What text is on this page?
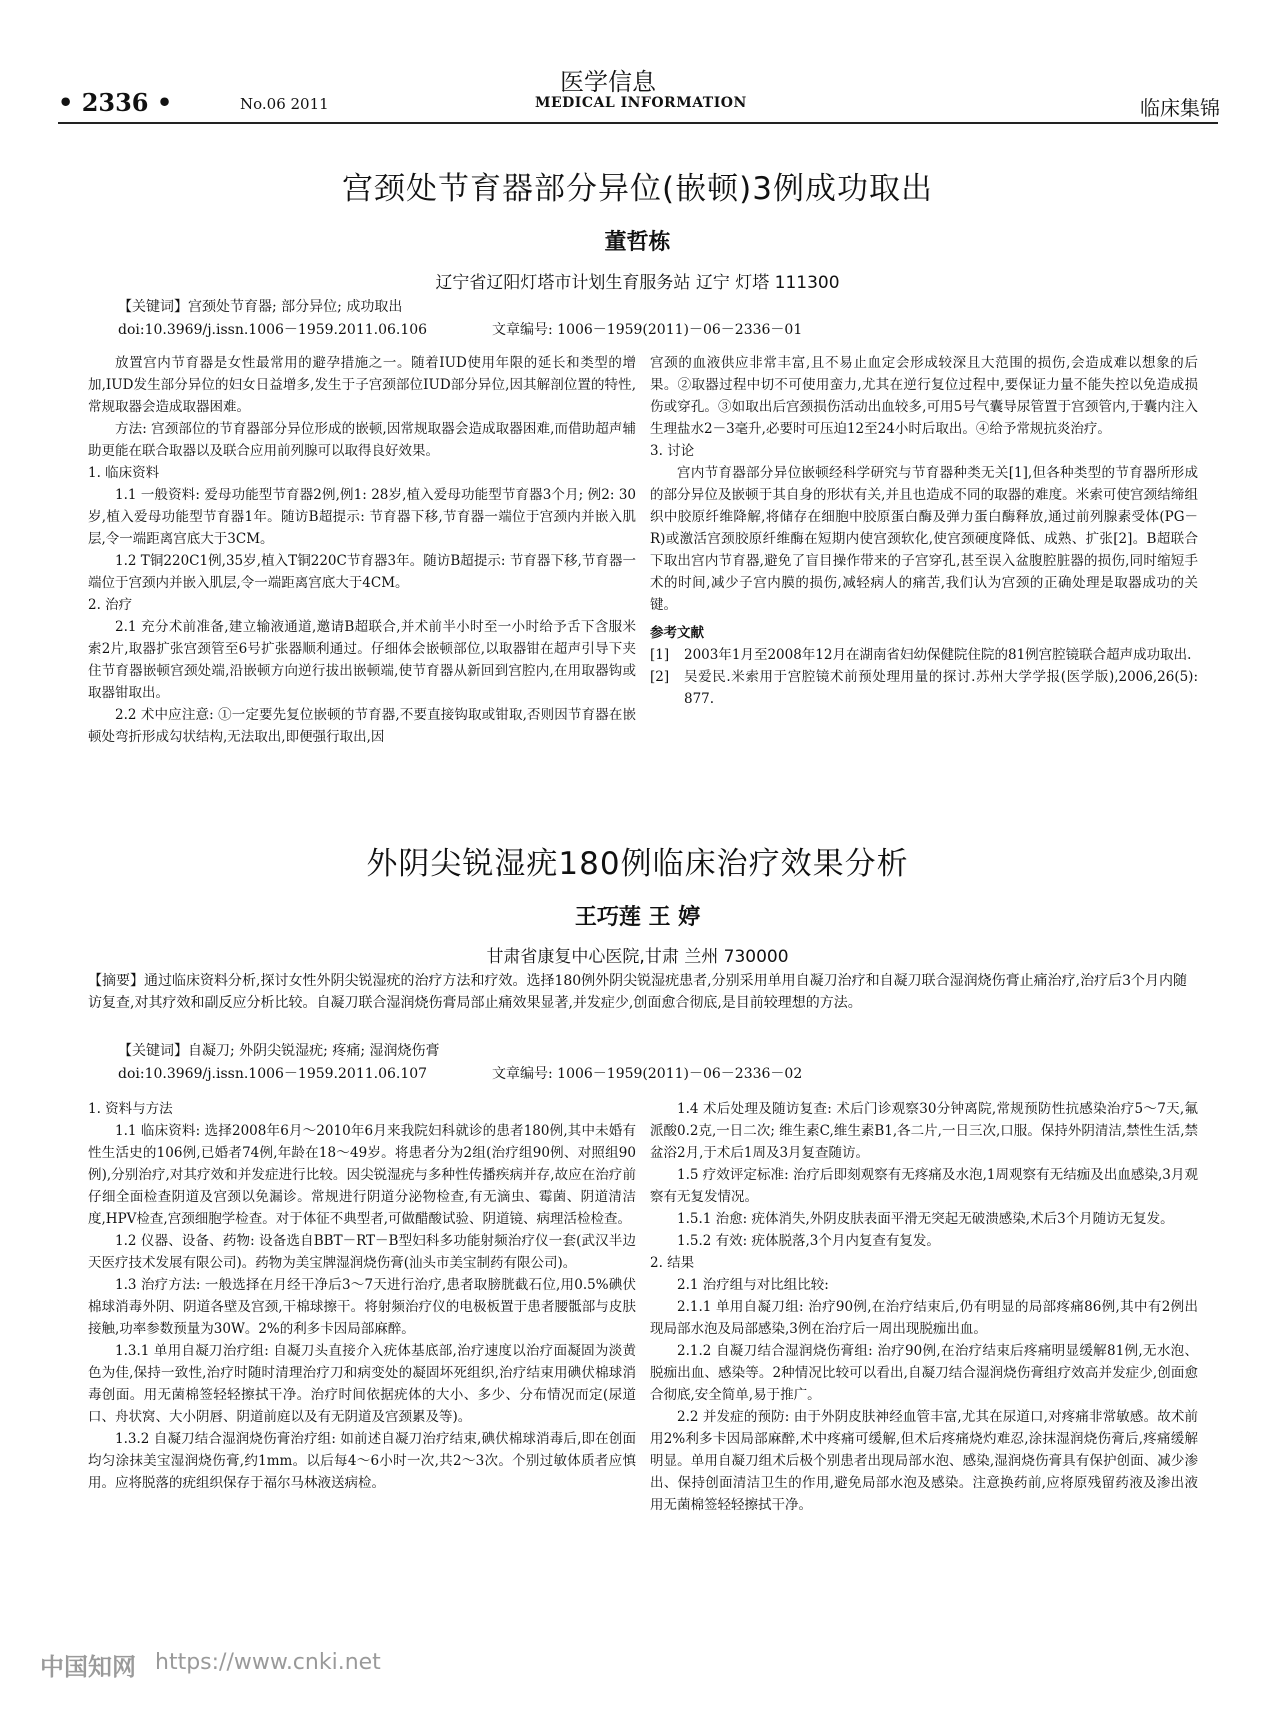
• 2336 •	No.06 2011
医学信息
MEDICAL INFORMATION	临床集锦
宫颈处节育器部分异位(嵌顿)3例成功取出
董哲栋
辽宁省辽阳灯塔市计划生育服务站 辽宁 灯塔 111300
【关键词】宫颈处节育器; 部分异位; 成功取出
doi:10.3969/j.issn.1006－1959.2011.06.106	文章编号: 1006－1959(2011)－06－2336－01

放置宫内节育器是女性最常用的避孕措施之一。随着IUD使用年限的延长和类型的增加,IUD发生部分异位的妇女日益增多,发生于子宫颈部位IUD部分异位,因其解剖位置的特性,常规取器会造成取器困难。

方法: 宫颈部位的节育器部分异位形成的嵌顿,因常规取器会造成取器困难,而借助超声辅助更能在联合取器以及联合应用前列腺可以取得良好效果。

1. 临床资料

1.1 一般资料: 爱母功能型节育器2例,例1: 28岁,植入爱母功能型节育器3个月; 例2: 30岁,植入爱母功能型节育器1年。随访B超提示: 节育器下移,节育器一端位于宫颈内并嵌入肌层,令一端距离宫底大于3CM。

1.2 T铜220C1例,35岁,植入T铜220C节育器3年。随访B超提示: 节育器下移,节育器一端位于宫颈内并嵌入肌层,令一端距离宫底大于4CM。

2. 治疗

2.1 充分术前准备,建立输液通道,邀请B超联合,并术前半小时至一小时给予舌下含服米索2片,取器扩张宫颈管至6号扩张器顺利通过。仔细体会嵌顿部位,以取器钳在超声引导下夹住节育器嵌顿宫颈处端,沿嵌顿方向逆行拔出嵌顿端,使节育器从新回到宫腔内,在用取器钩或取器钳取出。

2.2 术中应注意: ①一定要先复位嵌顿的节育器,不要直接钩取或钳取,否则因节育器在嵌顿处弯折形成勾状结构,无法取出,即便强行取出,因

宫颈的血液供应非常丰富,且不易止血定会形成较深且大范围的损伤,会造成难以想象的后果。②取器过程中切不可使用蛮力,尤其在逆行复位过程中,要保证力量不能失控以免造成损伤或穿孔。③如取出后宫颈损伤活动出血较多,可用5号气囊导尿管置于宫颈管内,于囊内注入生理盐水2－3毫升,必要时可压迫12至24小时后取出。④给予常规抗炎治疗。

3. 讨论

宫内节育器部分异位嵌顿经科学研究与节育器种类无关[1],但各种类型的节育器所形成的部分异位及嵌顿于其自身的形状有关,并且也造成不同的取器的难度。米索可使宫颈结缔组织中胶原纤维降解,将储存在细胞中胶原蛋白酶及弹力蛋白酶释放,通过前列腺素受体(PG－R)或激活宫颈胶原纤维酶在短期内使宫颈软化,使宫颈硬度降低、成熟、扩张[2]。B超联合下取出宫内节育器,避免了盲目操作带来的子宫穿孔,甚至误入盆腹腔脏器的损伤,同时缩短手术的时间,减少子宫内膜的损伤,减轻病人的痛苦,我们认为宫颈的正确处理是取器成功的关键。

参考文献

[1] 2003年1月至2008年12月在湖南省妇幼保健院住院的81例宫腔镜联合超声成功取出.

[2] 吴爱民.米索用于宫腔镜术前预处理用量的探讨.苏州大学学报(医学版),2006,26(5): 877.

外阴尖锐湿疣180例临床治疗效果分析
王巧莲 王 婷
甘肃省康复中心医院,甘肃 兰州 730000
【摘要】通过临床资料分析,探讨女性外阴尖锐湿疣的治疗方法和疗效。选择180例外阴尖锐湿疣患者,分别采用单用自凝刀治疗和自凝刀联合湿润烧伤膏止痛治疗,治疗后3个月内随访复查,对其疗效和副反应分析比较。自凝刀联合湿润烧伤膏局部止痛效果显著,并发症少,创面愈合彻底,是目前较理想的方法。
【关键词】自凝刀; 外阴尖锐湿疣; 疼痛; 湿润烧伤膏
doi:10.3969/j.issn.1006－1959.2011.06.107	文章编号: 1006－1959(2011)－06－2336－02

1. 资料与方法

1.1 临床资料: 选择2008年6月～2010年6月来我院妇科就诊的患者180例,其中未婚有性生活史的106例,已婚者74例,年龄在18～49岁。将患者分为2组(治疗组90例、对照组90例),分别治疗,对其疗效和并发症进行比较。因尖锐湿疣与多种性传播疾病并存,故应在治疗前仔细全面检查阴道及宫颈以免漏诊。常规进行阴道分泌物检查,有无滴虫、霉菌、阴道清洁度,HPV检查,宫颈细胞学检查。对于体征不典型者,可做醋酸试验、阴道镜、病理活检检查。

1.2 仪器、设备、药物: 设备选自BBT－RT－B型妇科多功能射频治疗仪一套(武汉半边天医疗技术发展有限公司)。药物为美宝牌湿润烧伤膏(汕头市美宝制药有限公司)。

1.3 治疗方法: 一般选择在月经干净后3～7天进行治疗,患者取膀胱截石位,用0.5%碘伏棉球消毒外阴、阴道各壁及宫颈,干棉球擦干。将射频治疗仪的电极板置于患者腰骶部与皮肤接触,功率参数预量为30W。2%的利多卡因局部麻醉。

1.3.1 单用自凝刀治疗组: 自凝刀头直接介入疣体基底部,治疗速度以治疗面凝固为淡黄色为佳,保持一致性,治疗时随时清理治疗刀和病变处的凝固坏死组织,治疗结束用碘伏棉球消毒创面。用无菌棉签轻轻擦拭干净。治疗时间依据疣体的大小、多少、分布情况而定(尿道口、舟状窝、大小阴唇、阴道前庭以及有无阴道及宫颈累及等)。

1.3.2 自凝刀结合湿润烧伤膏治疗组: 如前述自凝刀治疗结束,碘伏棉球消毒后,即在创面均匀涂抹美宝湿润烧伤膏,约1mm。以后每4～6小时一次,共2～3次。个别过敏体质者应慎用。应将脱落的疣组织保存于福尔马林液送病检。

1.4 术后处理及随访复查: 术后门诊观察30分钟离院,常规预防性抗感染治疗5～7天,氟派酸0.2克,一日二次; 维生素C,维生素B1,各二片,一日三次,口服。保持外阴清洁,禁性生活,禁盆浴2月,于术后1周及3月复查随访。

1.5 疗效评定标准: 治疗后即刻观察有无疼痛及水泡,1周观察有无结痂及出血感染,3月观察有无复发情况。

1.5.1 治愈: 疣体消失,外阴皮肤表面平滑无突起无破溃感染,术后3个月随访无复发。

1.5.2 有效: 疣体脱落,3个月内复查有复发。

2. 结果

2.1 治疗组与对比组比较:

2.1.1 单用自凝刀组: 治疗90例,在治疗结束后,仍有明显的局部疼痛86例,其中有2例出现局部水泡及局部感染,3例在治疗后一周出现脱痂出血。

2.1.2 自凝刀结合湿润烧伤膏组: 治疗90例,在治疗结束后疼痛明显缓解81例,无水泡、脱痂出血、感染等。2种情况比较可以看出,自凝刀结合湿润烧伤膏组疗效高并发症少,创面愈合彻底,安全简单,易于推广。

2.2 并发症的预防: 由于外阴皮肤神经血管丰富,尤其在尿道口,对疼痛非常敏感。故术前用2%利多卡因局部麻醉,术中疼痛可缓解,但术后疼痛烧灼难忍,涂抹湿润烧伤膏后,疼痛缓解明显。单用自凝刀组术后极个别患者出现局部水泡、感染,湿润烧伤膏具有保护创面、减少渗出、保持创面清洁卫生的作用,避免局部水泡及感染。注意换药前,应将原残留药液及渗出液用无菌棉签轻轻擦拭干净。

中国知网 https://www.cnki.net
